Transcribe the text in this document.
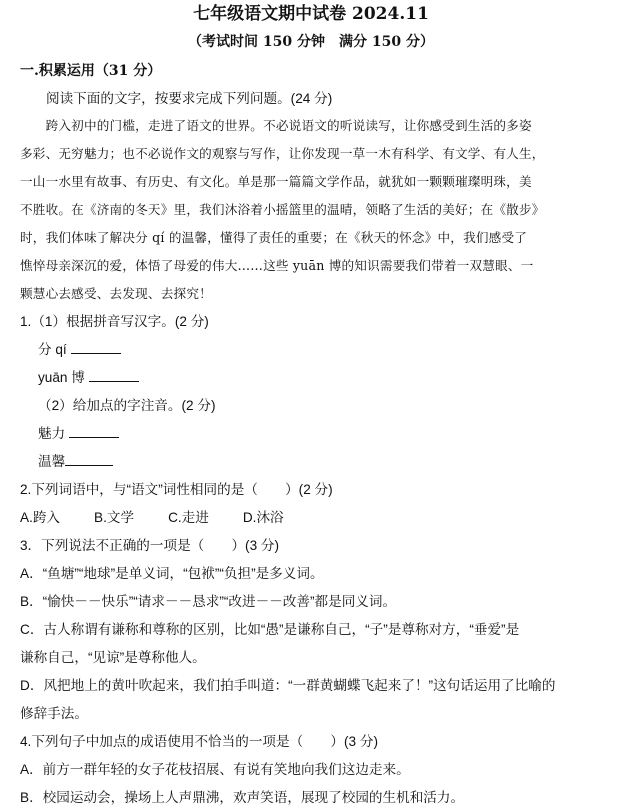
七年级语文期中试卷 2024.11
（考试时间 150 分钟　满分 150 分）
一.积累运用（31 分）
阅读下面的文字，按要求完成下列问题。(24 分)
　　跨入初中的门槛，走进了语文的世界。不必说语文的听说读写，让你感受到生活的多姿
多彩、无穷魅力；也不必说作文的观察与写作，让你发现一草一木有科学、有文学、有人生，
一山一水里有故事、有历史、有文化。单是那一篇篇文学作品，就犹如一颗颗璀璨明珠，美
不胜收。在《济南的冬天》里，我们沐浴着小摇篮里的温晴，领略了生活的美好；在《散步》
时，我们体味了解决分 qí 的温馨，懂得了责任的重要；在《秋天的怀念》中，我们感受了
憔悴母亲深沉的爱，体悟了母爱的伟大……这些 yuān 博的知识需要我们带着一双慧眼、一
颗慧心去感受、去发现、去探究！
1.（1）根据拼音写汉字。(2 分)
分 qí
yuān 博
（2）给加点的字注音。(2 分)
魅力
温馨
2.下列词语中，与“语文”词性相同的是（　　）(2 分)
A.跨入	B.文学	C.走进	D.沐浴
3．下列说法不正确的一项是（　　）(3 分)
A．“鱼塘”“地球”是单义词，“包袱”“负担”是多义词。
B．“愉快－－快乐”“请求－－恳求”“改进－－改善”都是同义词。
C．古人称谓有谦称和尊称的区别，比如“愚”是谦称自己，“子”是尊称对方，“垂爱”是
谦称自己，“见谅”是尊称他人。
D．风把地上的黄叶吹起来，我们拍手叫道：“一群黄蝴蝶飞起来了！”这句话运用了比喻的
修辞手法。
4.下列句子中加点的成语使用不恰当的一项是（　　）(3 分)
A．前方一群年轻的女子花枝招展、有说有笑地向我们这边走来。
B．校园运动会，操场上人声鼎沸，欢声笑语，展现了校园的生机和活力。
